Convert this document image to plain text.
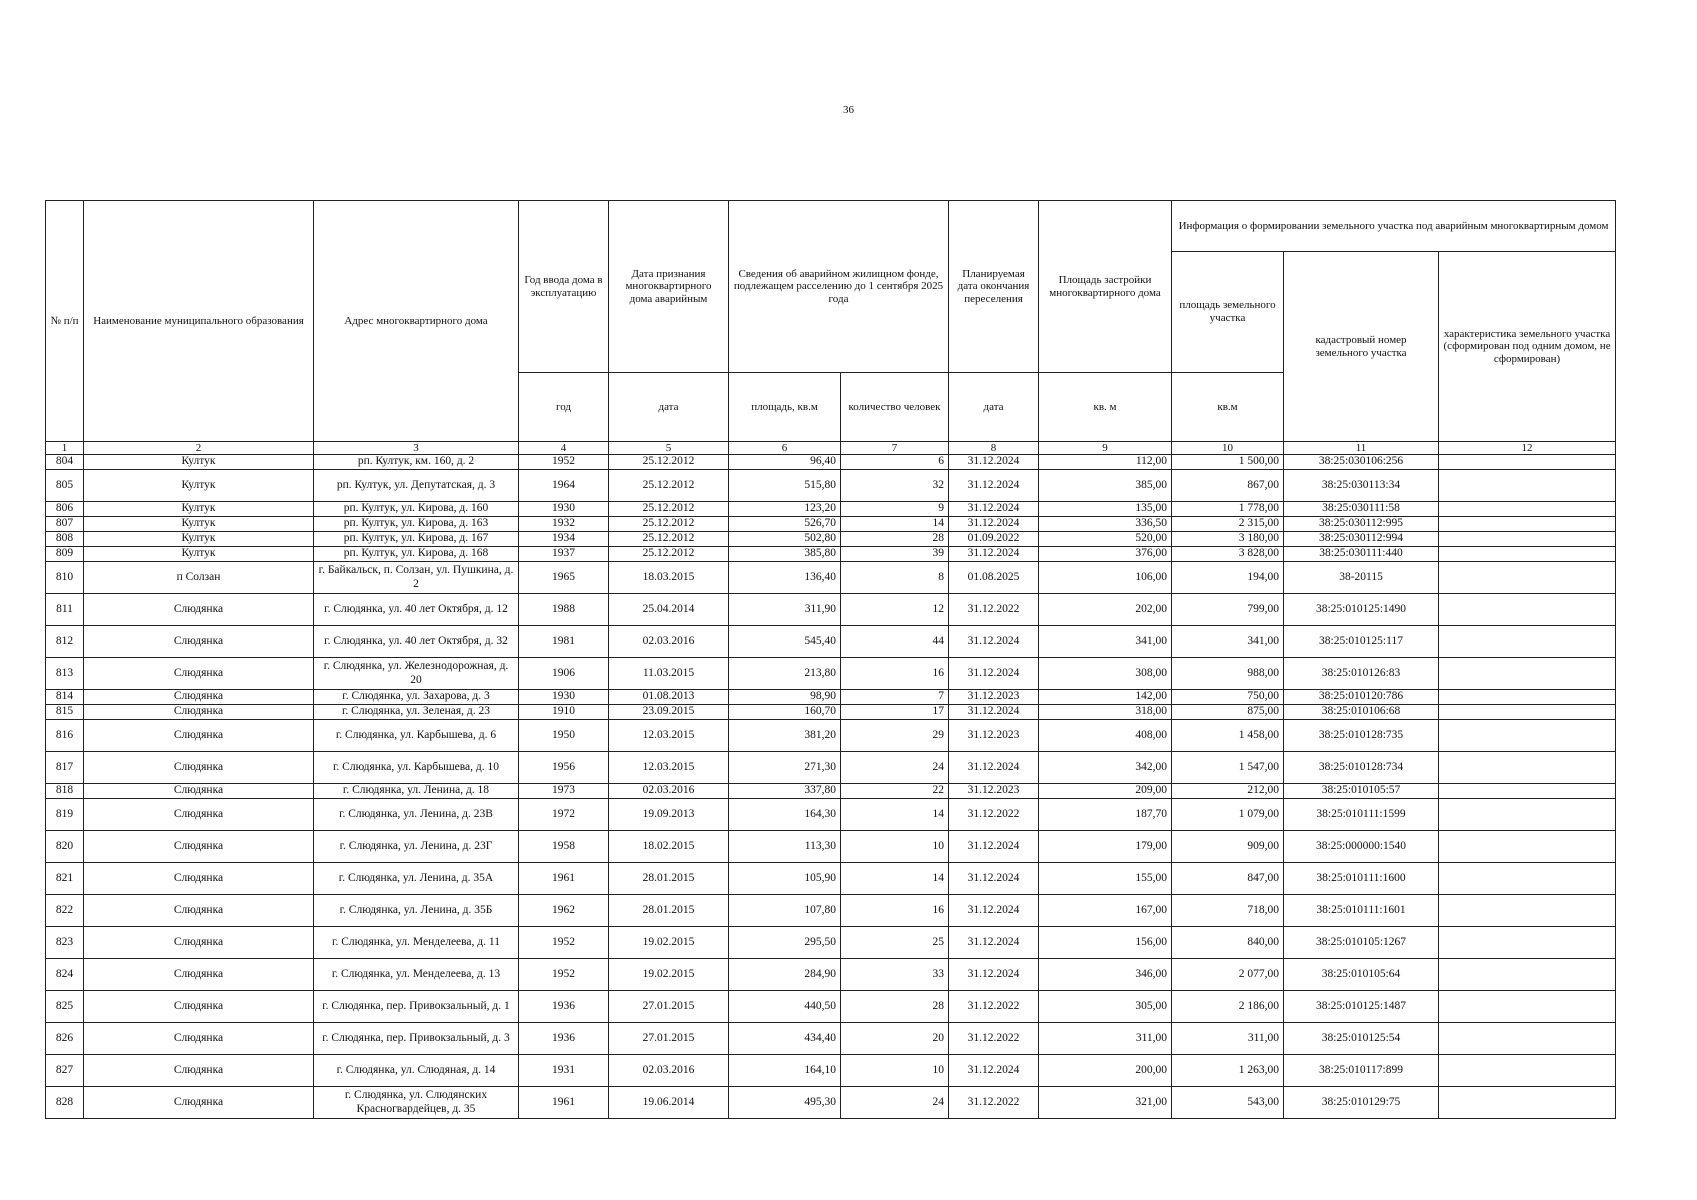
36
№ п/п	Наименование муниципального образования	Адрес многоквартирного дома	Год ввода дома в эксплуатацию	Дата признания многоквартирного дома аварийным	Сведения об аварийном жилищном фонде, подлежащем расселению до 1 сентября 2025 года		Планируемая дата окончания переселения	Площадь застройки многоквартирного дома	Информация о формировании земельного участка под аварийным многоквартирным домом		
									площадь земельного участка	кадастровый номер земельного участка	характеристика земельного участка (сформирован под одним домом, не сформирован)
			год	дата	площадь, кв.м	количество человек	дата	кв. м	кв.м		
1	2	3	4	5	6	7	8	9	10	11	12
804	Култук	рп. Култук, км. 160, д. 2	1952	25.12.2012	96,40	6	31.12.2024	112,00	1 500,00	38:25:030106:256	
805	Култук	рп. Култук, ул. Депутатская, д. 3	1964	25.12.2012	515,80	32	31.12.2024	385,00	867,00	38:25:030113:34	
806	Култук	рп. Култук, ул. Кирова, д. 160	1930	25.12.2012	123,20	9	31.12.2024	135,00	1 778,00	38:25:030111:58	
807	Култук	рп. Култук, ул. Кирова, д. 163	1932	25.12.2012	526,70	14	31.12.2024	336,50	2 315,00	38:25:030112:995	
808	Култук	рп. Култук, ул. Кирова, д. 167	1934	25.12.2012	502,80	28	01.09.2022	520,00	3 180,00	38:25:030112:994	
809	Култук	рп. Култук, ул. Кирова, д. 168	1937	25.12.2012	385,80	39	31.12.2024	376,00	3 828,00	38:25:030111:440	
810	п Солзан	г. Байкальск, п. Солзан, ул. Пушкина, д. 2	1965	18.03.2015	136,40	8	01.08.2025	106,00	194,00	38-20115	
811	Слюдянка	г. Слюдянка, ул. 40 лет Октября, д. 12	1988	25.04.2014	311,90	12	31.12.2022	202,00	799,00	38:25:010125:1490	
812	Слюдянка	г. Слюдянка, ул. 40 лет Октября, д. 32	1981	02.03.2016	545,40	44	31.12.2024	341,00	341,00	38:25:010125:117	
813	Слюдянка	г. Слюдянка, ул. Железнодорожная, д. 20	1906	11.03.2015	213,80	16	31.12.2024	308,00	988,00	38:25:010126:83	
814	Слюдянка	г. Слюдянка, ул. Захарова, д. 3	1930	01.08.2013	98,90	7	31.12.2023	142,00	750,00	38:25:010120:786	
815	Слюдянка	г. Слюдянка, ул. Зеленая, д. 23	1910	23.09.2015	160,70	17	31.12.2024	318,00	875,00	38:25:010106:68	
816	Слюдянка	г. Слюдянка, ул. Карбышева, д. 6	1950	12.03.2015	381,20	29	31.12.2023	408,00	1 458,00	38:25:010128:735	
817	Слюдянка	г. Слюдянка, ул. Карбышева, д. 10	1956	12.03.2015	271,30	24	31.12.2024	342,00	1 547,00	38:25:010128:734	
818	Слюдянка	г. Слюдянка, ул. Ленина, д. 18	1973	02.03.2016	337,80	22	31.12.2023	209,00	212,00	38:25:010105:57	
819	Слюдянка	г. Слюдянка, ул. Ленина, д. 23В	1972	19.09.2013	164,30	14	31.12.2022	187,70	1 079,00	38:25:010111:1599	
820	Слюдянка	г. Слюдянка, ул. Ленина, д. 23Г	1958	18.02.2015	113,30	10	31.12.2024	179,00	909,00	38:25:000000:1540	
821	Слюдянка	г. Слюдянка, ул. Ленина, д. 35А	1961	28.01.2015	105,90	14	31.12.2024	155,00	847,00	38:25:010111:1600	
822	Слюдянка	г. Слюдянка, ул. Ленина, д. 35Б	1962	28.01.2015	107,80	16	31.12.2024	167,00	718,00	38:25:010111:1601	
823	Слюдянка	г. Слюдянка, ул. Менделеева, д. 11	1952	19.02.2015	295,50	25	31.12.2024	156,00	840,00	38:25:010105:1267	
824	Слюдянка	г. Слюдянка, ул. Менделеева, д. 13	1952	19.02.2015	284,90	33	31.12.2024	346,00	2 077,00	38:25:010105:64	
825	Слюдянка	г. Слюдянка, пер. Привокзальный, д. 1	1936	27.01.2015	440,50	28	31.12.2022	305,00	2 186,00	38:25:010125:1487	
826	Слюдянка	г. Слюдянка, пер. Привокзальный, д. 3	1936	27.01.2015	434,40	20	31.12.2022	311,00	311,00	38:25:010125:54	
827	Слюдянка	г. Слюдянка, ул. Слюдяная, д. 14	1931	02.03.2016	164,10	10	31.12.2024	200,00	1 263,00	38:25:010117:899	
828	Слюдянка	г. Слюдянка, ул. Слюдянских Красногвардейцев, д. 35	1961	19.06.2014	495,30	24	31.12.2022	321,00	543,00	38:25:010129:75	
